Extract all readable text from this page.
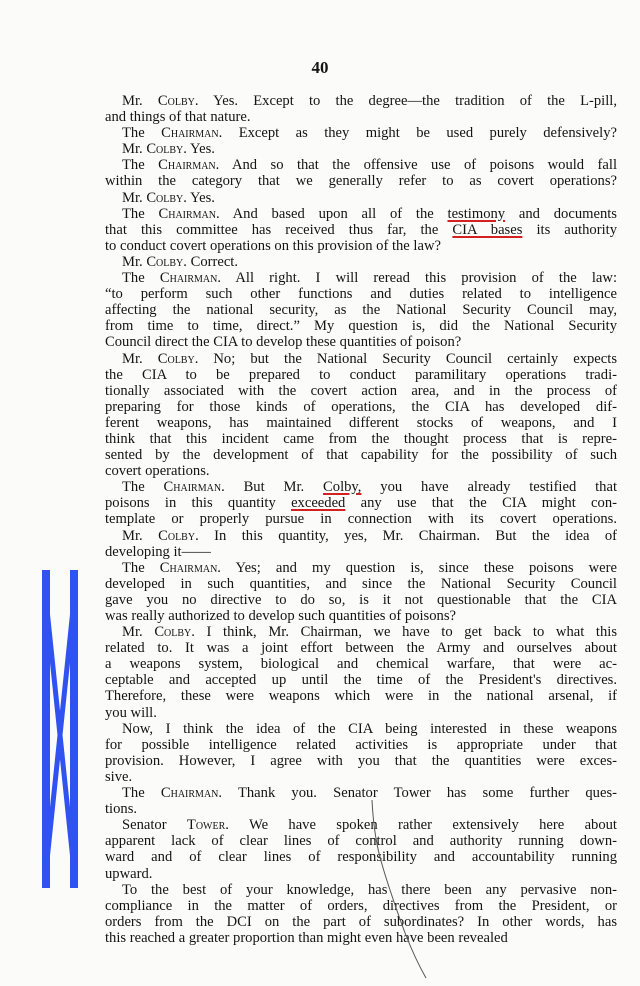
40
Mr. Colby. Yes. Except to the degree—the tradition of the L-pill,
and things of that nature.
The Chairman. Except as they might be used purely defensively?
Mr. Colby. Yes.
The Chairman. And so that the offensive use of poisons would fall
within the category that we generally refer to as covert operations?
Mr. Colby. Yes.
The Chairman. And based upon all of the testimony and documents
that this committee has received thus far, the CIA bases its authority
to conduct covert operations on this provision of the law?
Mr. Colby. Correct.
The Chairman. All right. I will reread this provision of the law:
“to perform such other functions and duties related to intelligence
affecting the national security, as the National Security Council may,
from time to time, direct.” My question is, did the National Security
Council direct the CIA to develop these quantities of poison?
Mr. Colby. No; but the National Security Council certainly expects
the CIA to be prepared to conduct paramilitary operations tradi-
tionally associated with the covert action area, and in the process of
preparing for those kinds of operations, the CIA has developed dif-
ferent weapons, has maintained different stocks of weapons, and I
think that this incident came from the thought process that is repre-
sented by the development of that capability for the possibility of such
covert operations.
The Chairman. But Mr. Colby, you have already testified that
poisons in this quantity exceeded any use that the CIA might con-
template or properly pursue in connection with its covert operations.
Mr. Colby. In this quantity, yes, Mr. Chairman. But the idea of
developing it——
The Chairman. Yes; and my question is, since these poisons were
developed in such quantities, and since the National Security Council
gave you no directive to do so, is it not questionable that the CIA
was really authorized to develop such quantities of poisons?
Mr. Colby. I think, Mr. Chairman, we have to get back to what this
related to. It was a joint effort between the Army and ourselves about
a weapons system, biological and chemical warfare, that were ac-
ceptable and accepted up until the time of the President's directives.
Therefore, these were weapons which were in the national arsenal, if
you will.
Now, I think the idea of the CIA being interested in these weapons
for possible intelligence related activities is appropriate under that
provision. However, I agree with you that the quantities were exces-
sive.
The Chairman. Thank you. Senator Tower has some further ques-
tions.
Senator Tower. We have spoken rather extensively here about
apparent lack of clear lines of control and authority running down-
ward and of clear lines of responsibility and accountability running
upward.
To the best of your knowledge, has there been any pervasive non-
compliance in the matter of orders, directives from the President, or
orders from the DCI on the part of subordinates? In other words, has
this reached a greater proportion than might even have been revealed
